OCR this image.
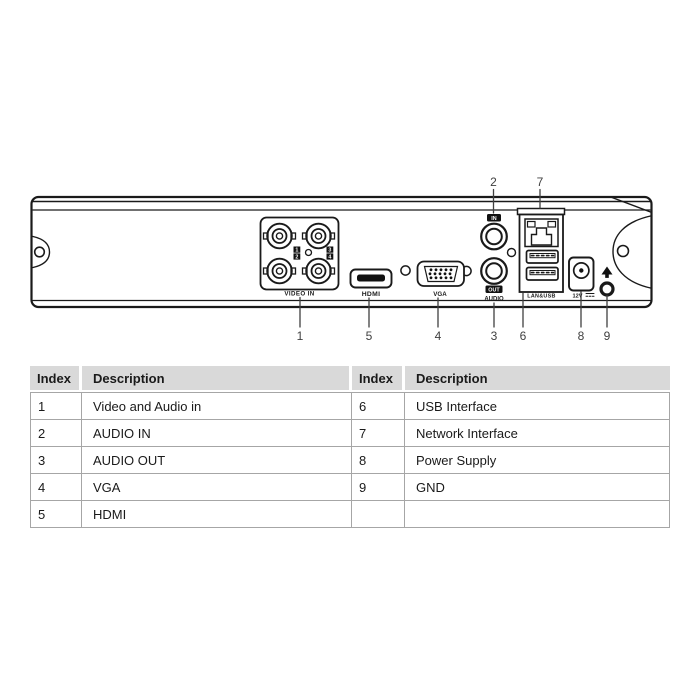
1
2
3
4
VIDEO IN	HDMI	VGA
IN
OUT
AUDIO	LAN&USB	12V
2	7
1	5	4	3 6	8 9
Index	Description	Index	Description
1	Video and Audio in	6	USB Interface
2	AUDIO IN	7	Network Interface
3	AUDIO OUT	8	Power Supply
4	VGA	9	GND
5	HDMI		
